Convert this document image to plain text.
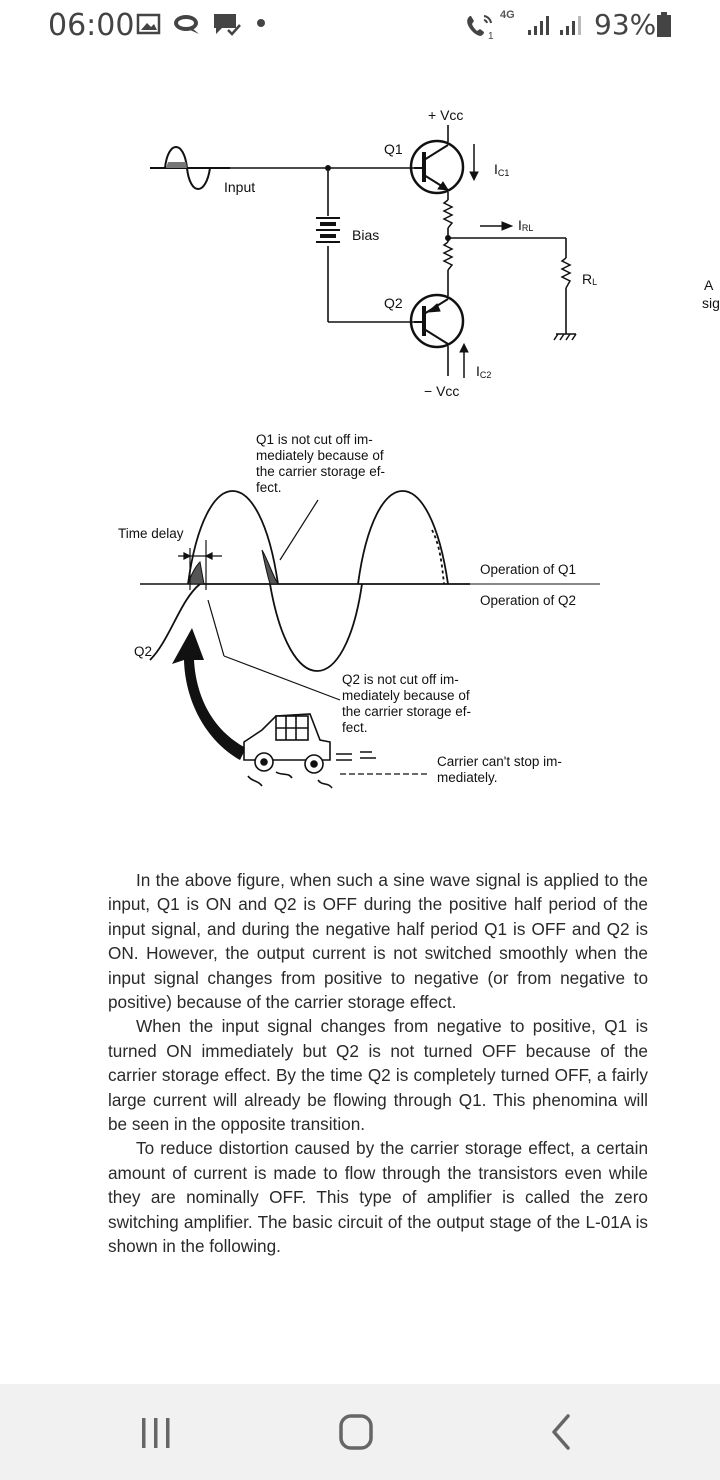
06:00	1
4G	93%
Input
Bias
Q1
+ Vcc
IC1
IRL
RL
Q2
IC2
− Vcc
A
sig
Q1 is not cut off im- mediately because of the carrier storage ef- fect.
Time delay
Operation of Q1
Operation of Q2
Q2
Q2 is not cut off im- mediately because of the carrier storage ef- fect.
Carrier can't stop im- mediately.

In the above figure, when such a sine wave signal is applied to the input, Q1 is ON and Q2 is OFF during the positive half period of the input signal, and during the negative half period Q1 is OFF and Q2 is ON. However, the output current is not switched smoothly when the input signal changes from positive to negative (or from negative to positive) because of the carrier storage effect.

When the input signal changes from negative to positive, Q1 is turned ON immediately but Q2 is not turned OFF because of the carrier storage effect. By the time Q2 is completely turned OFF, a fairly large current will already be flowing through Q1. This phenomina will be seen in the opposite transition.

To reduce distortion caused by the carrier storage effect, a certain amount of current is made to flow through the transistors even while they are nominally OFF. This type of amplifier is called the zero switching amplifier. The basic circuit of the output stage of the L-01A is shown in the following.
